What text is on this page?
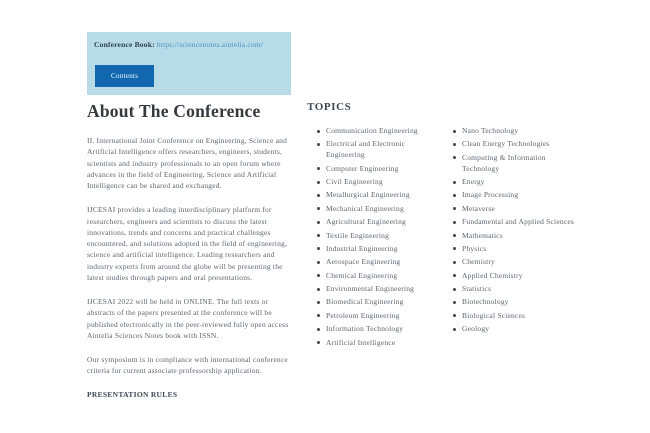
Conference Book: https://sciencenotes.aintelia.com/
Contents
About The Conference

II. International Joint Conference on Engineering, Science and Artificial Intelligence offers researchers, engineers, students, scientists and industry professionals to an open forum where advances in the field of Engineering, Science and Artificial Intelligence can be shared and exchanged.

IJCESAI provides a leading interdisciplinary platform for researchers, engineers and scientists to discuss the latest innovations, trends and concerns and practical challenges encountered, and solutions adopted in the field of engineering, science and artificial intelligence. Leading researchers and industry experts from around the globe will be presenting the latest studies through papers and oral presentations.

IJCESAI 2022 will be held in ONLINE. The full texts or abstracts of the papers presented at the conference will be published electronically in the peer-reviewed fully open access Aintelia Sciences Notes book with ISSN.

Our symposium is in compliance with international conference criteria for current associate professorship application.

PRESENTATION RULES
TOPICS
Communication Engineering
Electrical and Electronic Engineering
Computer Engineering
Civil Engineering
Metallurgical Engineering
Mechanical Engineering
Agricultural Engineering
Textile Engineering
Industrial Engineering
Aerospace Engineering
Chemical Engineering
Environmental Engineering
Biomedical Engineering
Petroleum Engineering
Information Technology
Artificial Intelligence
Nano Technology
Clean Energy Technologies
Computing & Information Technology
Energy
Image Processing
Metaverse
Fundamental and Applied Sciences
Mathematics
Physics
Chemistry
Applied Chemistry
Statistics
Biotechnology
Biological Sciences
Geology
